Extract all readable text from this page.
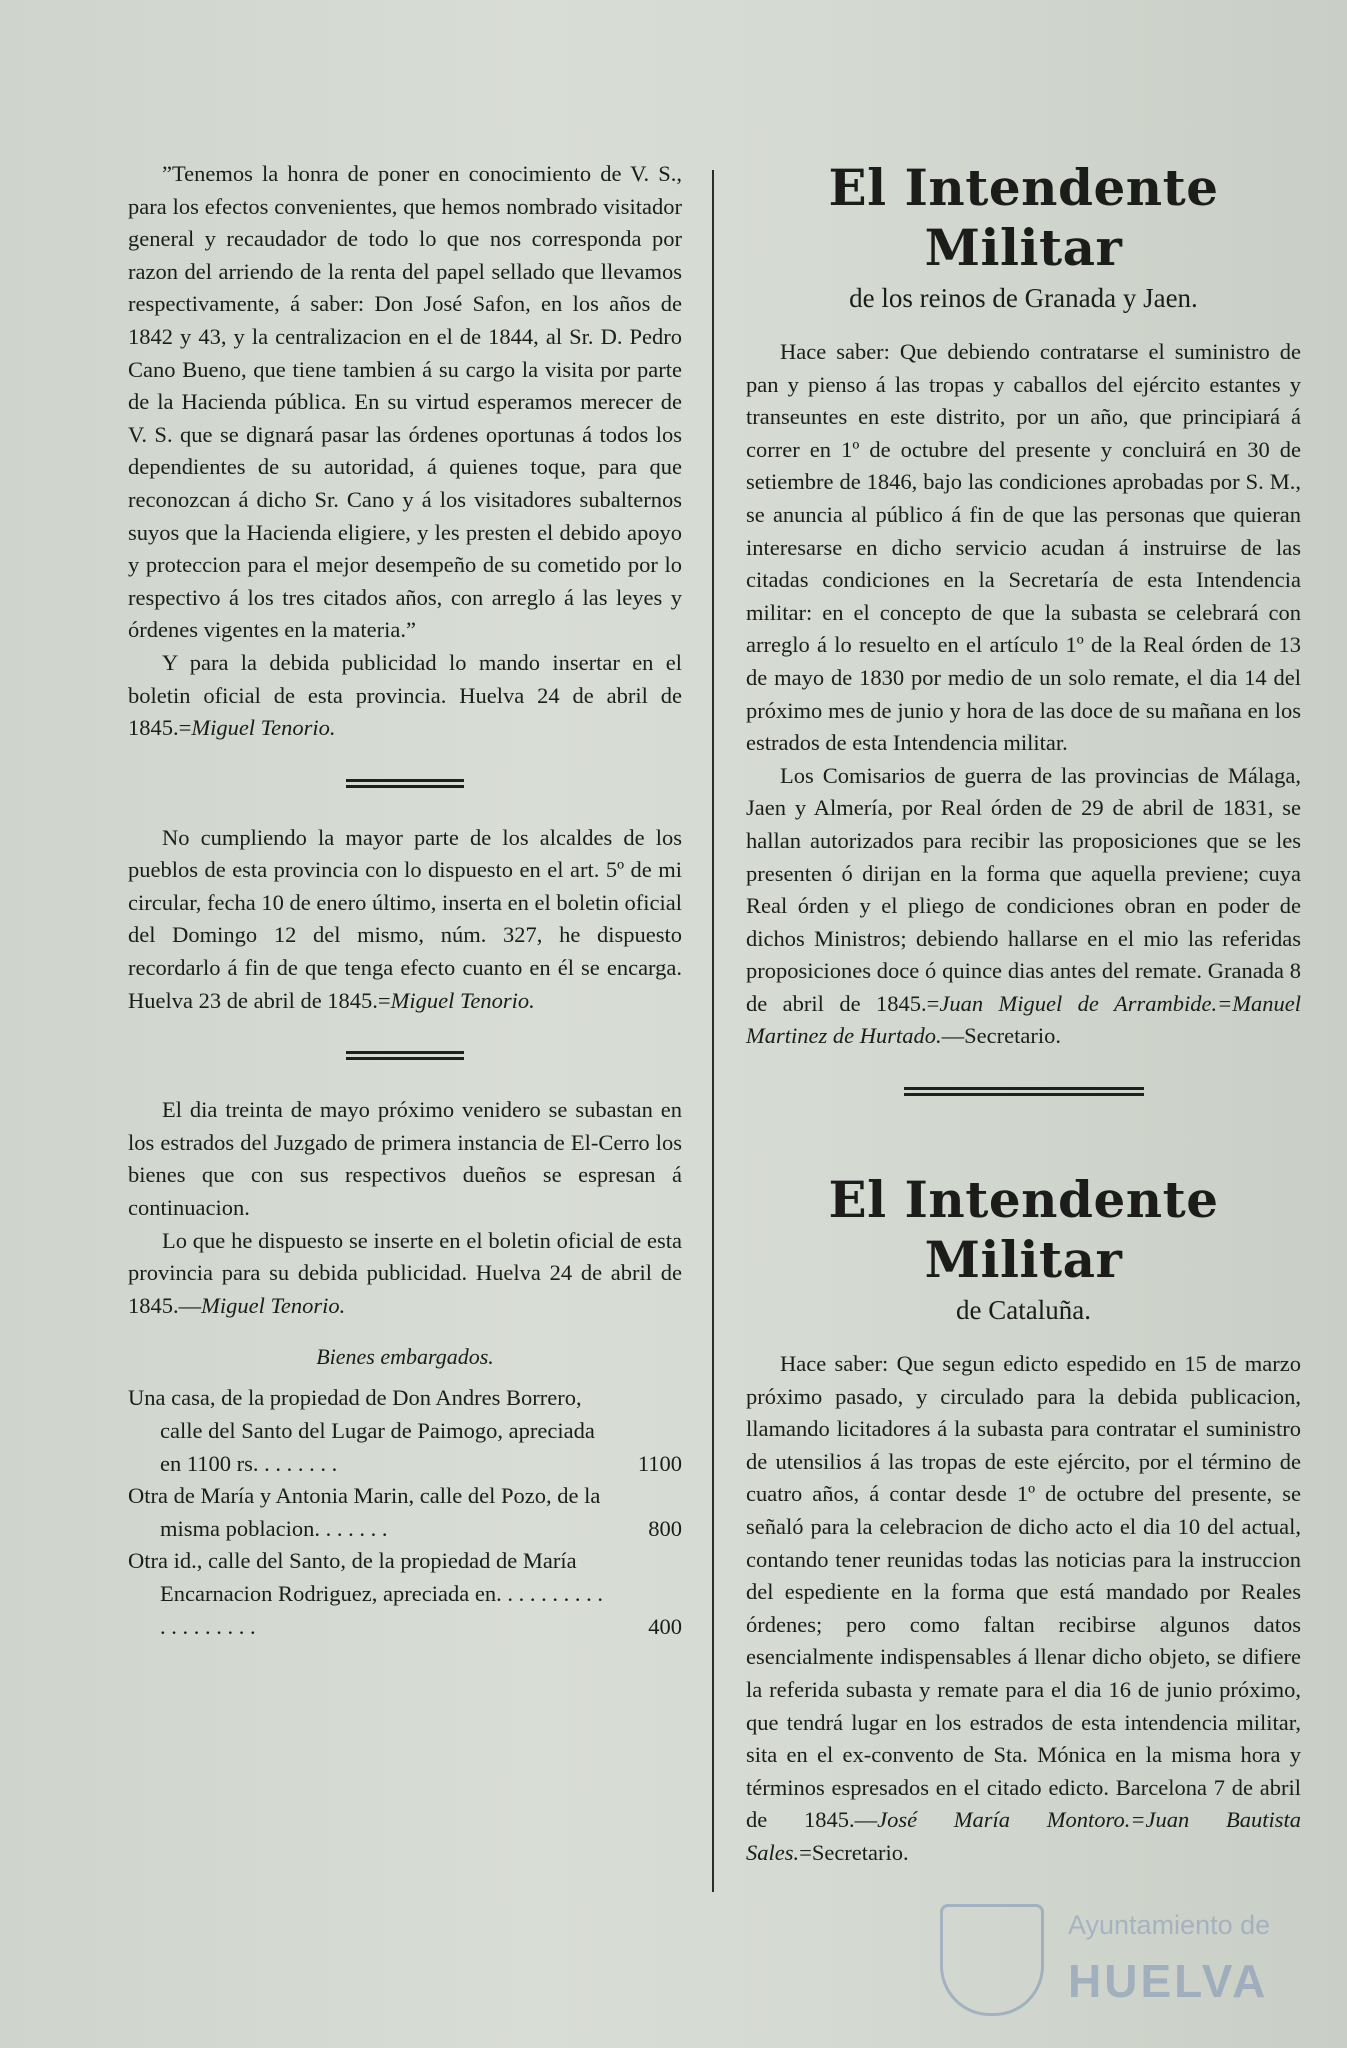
”Tenemos la honra de poner en conocimiento de V. S., para los efectos convenientes, que hemos nombrado visitador general y recaudador de todo lo que nos corresponda por razon del arriendo de la renta del papel sellado que llevamos respectivamente, á saber: Don José Safon, en los años de 1842 y 43, y la centralizacion en el de 1844, al Sr. D. Pedro Cano Bueno, que tiene tambien á su cargo la visita por parte de la Hacienda pública. En su virtud esperamos merecer de V. S. que se dignará pasar las órdenes oportunas á todos los dependientes de su autoridad, á quienes toque, para que reconozcan á dicho Sr. Cano y á los visitadores subalternos suyos que la Hacienda eligiere, y les presten el debido apoyo y proteccion para el mejor desempeño de su cometido por lo respectivo á los tres citados años, con arreglo á las leyes y órdenes vigentes en la materia.”

Y para la debida publicidad lo mando insertar en el boletin oficial de esta provincia. Huelva 24 de abril de 1845.=Miguel Tenorio.

No cumpliendo la mayor parte de los alcaldes de los pueblos de esta provincia con lo dispuesto en el art. 5º de mi circular, fecha 10 de enero último, inserta en el boletin oficial del Domingo 12 del mismo, núm. 327, he dispuesto recordarlo á fin de que tenga efecto cuanto en él se encarga. Huelva 23 de abril de 1845.=Miguel Tenorio.

El dia treinta de mayo próximo venidero se subastan en los estrados del Juzgado de primera instancia de El-Cerro los bienes que con sus respectivos dueños se espresan á continuacion.

Lo que he dispuesto se inserte en el boletin oficial de esta provincia para su debida publicidad. Huelva 24 de abril de 1845.—Miguel Tenorio.

Bienes embargados.
Una casa, de la propiedad de Don Andres Borrero, calle del Santo del Lugar de Paimogo, apreciada en 1100 rs. . . . . . . .	1100
Otra de María y Antonia Marin, calle del Pozo, de la misma poblacion. . . . . . .	800
Otra id., calle del Santo, de la propiedad de María Encarnacion Rodriguez, apreciada en. . . . . . . . . . . . . . . . . . .	400
El Intendente Militar
de los reinos de Granada y Jaen.

Hace saber: Que debiendo contratarse el suministro de pan y pienso á las tropas y caballos del ejército estantes y transeuntes en este distrito, por un año, que principiará á correr en 1º de octubre del presente y concluirá en 30 de setiembre de 1846, bajo las condiciones aprobadas por S. M., se anuncia al público á fin de que las personas que quieran interesarse en dicho servicio acudan á instruirse de las citadas condiciones en la Secretaría de esta Intendencia militar: en el concepto de que la subasta se celebrará con arreglo á lo resuelto en el artículo 1º de la Real órden de 13 de mayo de 1830 por medio de un solo remate, el dia 14 del próximo mes de junio y hora de las doce de su mañana en los estrados de esta Intendencia militar.

Los Comisarios de guerra de las provincias de Málaga, Jaen y Almería, por Real órden de 29 de abril de 1831, se hallan autorizados para recibir las proposiciones que se les presenten ó dirijan en la forma que aquella previene; cuya Real órden y el pliego de condiciones obran en poder de dichos Ministros; debiendo hallarse en el mio las referidas proposiciones doce ó quince dias antes del remate. Granada 8 de abril de 1845.=Juan Miguel de Arrambide.=Manuel Martinez de Hurtado.—Secretario.

El Intendente Militar
de Cataluña.

Hace saber: Que segun edicto espedido en 15 de marzo próximo pasado, y circulado para la debida publicacion, llamando licitadores á la subasta para contratar el suministro de utensilios á las tropas de este ejército, por el término de cuatro años, á contar desde 1º de octubre del presente, se señaló para la celebracion de dicho acto el dia 10 del actual, contando tener reunidas todas las noticias para la instruccion del espediente en la forma que está mandado por Reales órdenes; pero como faltan recibirse algunos datos esencialmente indispensables á llenar dicho objeto, se difiere la referida subasta y remate para el dia 16 de junio próximo, que tendrá lugar en los estrados de esta intendencia militar, sita en el ex-convento de Sta. Mónica en la misma hora y términos espresados en el citado edicto. Barcelona 7 de abril de 1845.—José María Montoro.=Juan Bautista Sales.=Secretario.

Ayuntamiento de
HUELVA
